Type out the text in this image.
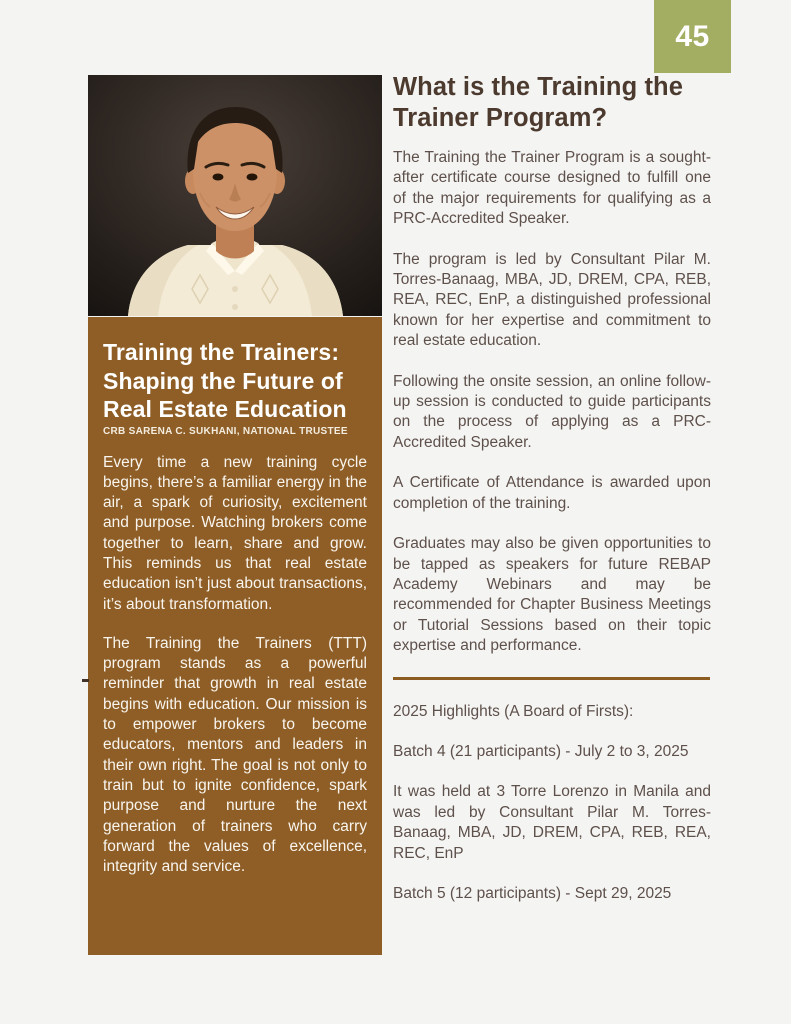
45
Training the Trainers: Shaping the Future of Real Estate Education
CRB SARENA C. SUKHANI, NATIONAL TRUSTEE

Every time a new training cycle begins, there’s a familiar energy in the air, a spark of curiosity, excitement and purpose. Watching brokers come together to learn, share and grow. This reminds us that real estate education isn’t just about transactions, it’s about transformation.

The Training the Trainers (TTT) program stands as a powerful reminder that growth in real estate begins with education. Our mission is to empower brokers to become educators, mentors and leaders in their own right. The goal is not only to train but to ignite confidence, spark purpose and nurture the next generation of trainers who carry forward the values of excellence, integrity and service.

What is the Training the Trainer Program?

The Training the Trainer Program is a sought-after certificate course designed to fulfill one of the major requirements for qualifying as a PRC-Accredited Speaker.

The program is led by Consultant Pilar M. Torres-Banaag, MBA, JD, DREM, CPA, REB, REA, REC, EnP, a distinguished professional known for her expertise and commitment to real estate education.

Following the onsite session, an online follow-up session is conducted to guide participants on the process of applying as a PRC-Accredited Speaker.

A Certificate of Attendance is awarded upon completion of the training.

Graduates may also be given opportunities to be tapped as speakers for future REBAP Academy Webinars and may be recommended for Chapter Business Meetings or Tutorial Sessions based on their topic expertise and performance.

2025 Highlights (A Board of Firsts):

Batch 4 (21 participants) - July 2 to 3, 2025

It was held at 3 Torre Lorenzo in Manila and was led by Consultant Pilar M. Torres-Banaag, MBA, JD, DREM, CPA, REB, REA, REC, EnP

Batch 5 (12 participants) - Sept 29, 2025
